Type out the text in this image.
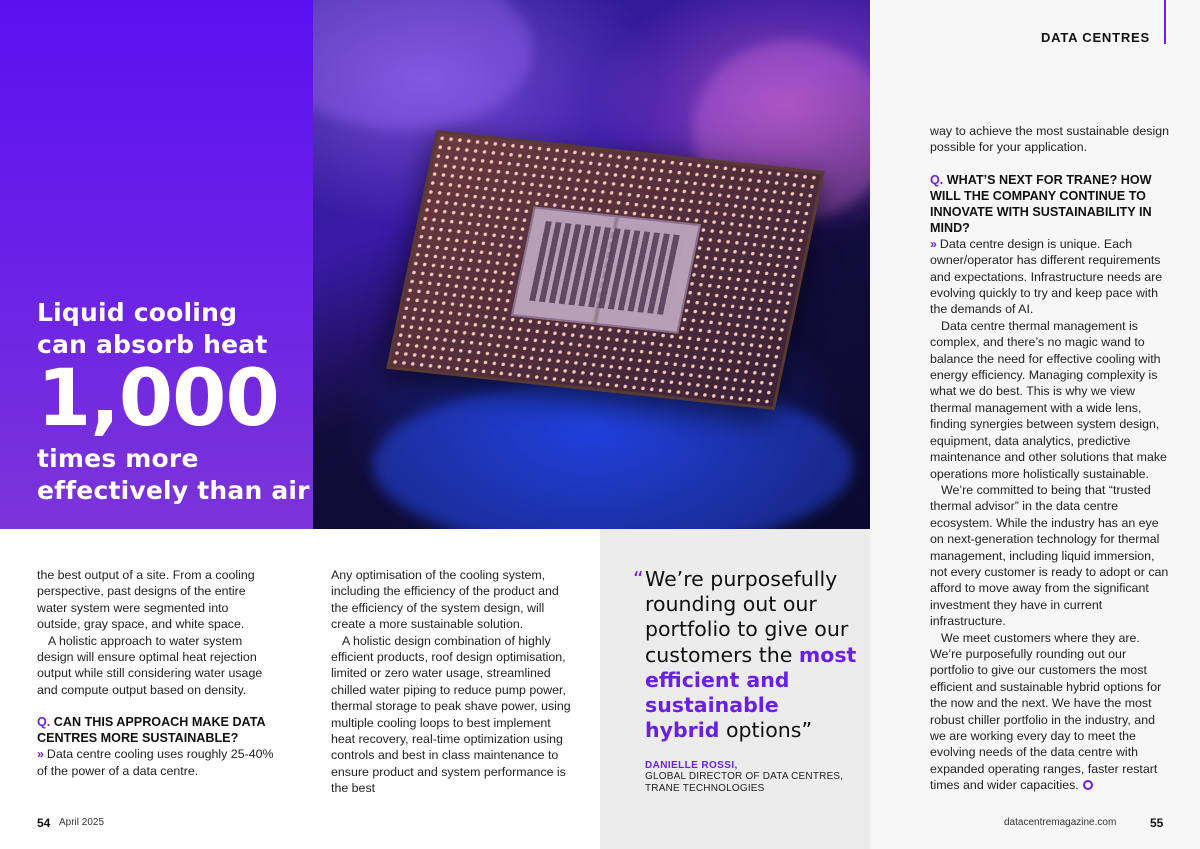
Liquid cooling
can absorb heat
1,000
times more
effectively than air
DATA CENTRES

the best output of a site. From a cooling perspective, past designs of the entire water system were segmented into outside, gray space, and white space.

A holistic approach to water system design will ensure optimal heat rejection output while still considering water usage and compute output based on density.

Q. CAN THIS APPROACH MAKE DATA CENTRES MORE SUSTAINABLE?

» Data centre cooling uses roughly 25-40% of the power of a data centre.

Any optimisation of the cooling system, including the efficiency of the product and the efficiency of the system design, will create a more sustainable solution.

A holistic design combination of highly efficient products, roof design optimisation, limited or zero water usage, streamlined chilled water piping to reduce pump power, thermal storage to peak shave power, using multiple cooling loops to best implement heat recovery, real-time optimization using controls and best in class maintenance to ensure product and system performance is the best

“ We’re purposefully rounding out our portfolio to give our customers the most efficient and sustainable hybrid options”
DANIELLE ROSSI,
GLOBAL DIRECTOR OF DATA CENTRES, TRANE TECHNOLOGIES

way to achieve the most sustainable design possible for your application.

Q. WHAT’S NEXT FOR TRANE? HOW WILL THE COMPANY CONTINUE TO INNOVATE WITH SUSTAINABILITY IN MIND?

» Data centre design is unique. Each owner/operator has different requirements and expectations. Infrastructure needs are evolving quickly to try and keep pace with the demands of AI.

Data centre thermal management is complex, and there’s no magic wand to balance the need for effective cooling with energy efficiency. Managing complexity is what we do best. This is why we view thermal management with a wide lens, finding synergies between system design, equipment, data analytics, predictive maintenance and other solutions that make operations more holistically sustainable.

We’re committed to being that “trusted thermal advisor” in the data centre ecosystem. While the industry has an eye on next-generation technology for thermal management, including liquid immersion, not every customer is ready to adopt or can afford to move away from the significant investment they have in current infrastructure.

We meet customers where they are. We’re purposefully rounding out our portfolio to give our customers the most efficient and sustainable hybrid options for the now and the next. We have the most robust chiller portfolio in the industry, and we are working every day to meet the evolving needs of the data centre with expanded operating ranges, faster restart times and wider capacities.

54 April 2025	datacentremagazine.com	55
